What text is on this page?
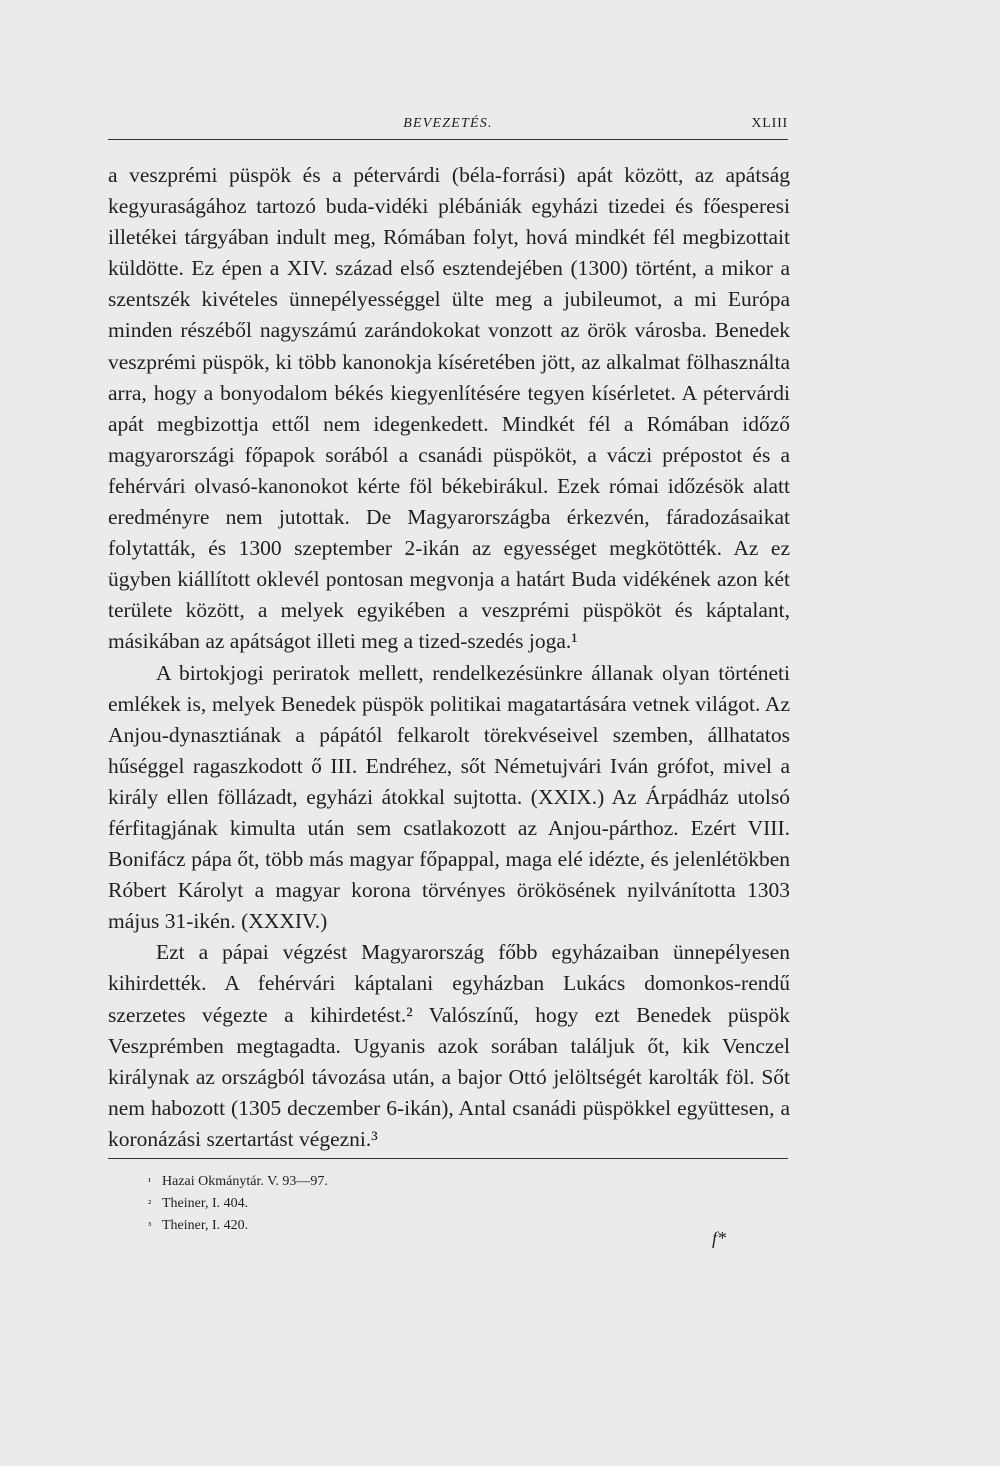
BEVEZETÉS.	XLIII

a veszprémi püspök és a pétervárdi (béla-forrási) apát között, az apátság kegyuraságához tartozó buda-vidéki plébániák egyházi tizedei és főesperesi illetékei tárgyában indult meg, Rómában folyt, hová mindkét fél megbizottait küldötte. Ez épen a XIV. század első esztendejében (1300) történt, a mikor a szentszék kivételes ünnepélyességgel ülte meg a jubileumot, a mi Európa minden részéből nagyszámú zarándokokat vonzott az örök városba. Benedek veszprémi püspök, ki több kanonokja kíséretében jött, az alkalmat fölhasználta arra, hogy a bonyodalom békés kiegyenlítésére tegyen kísérletet. A pétervárdi apát megbizottja ettől nem idegenkedett. Mindkét fél a Rómában időző magyarországi főpapok sorából a csanádi püspököt, a váczi prépostot és a fehérvári olvasó-kanonokot kérte föl békebirákul. Ezek római időzésök alatt eredményre nem jutottak. De Magyarországba érkezvén, fáradozásaikat folytatták, és 1300 szeptember 2-ikán az egyességet megkötötték. Az ez ügyben kiállított oklevél pontosan megvonja a határt Buda vidékének azon két területe között, a melyek egyikében a veszprémi püspököt és káptalant, másikában az apátságot illeti meg a tized-szedés joga.¹

A birtokjogi periratok mellett, rendelkezésünkre állanak olyan történeti emlékek is, melyek Benedek püspök politikai magatartására vetnek világot. Az Anjou-dynasztiának a pápától felkarolt törekvéseivel szemben, állhatatos hűséggel ragaszkodott ő III. Endréhez, sőt Németujvári Iván grófot, mivel a király ellen föllázadt, egyházi átokkal sujtotta. (XXIX.) Az Árpádház utolsó férfitagjának kimulta után sem csatlakozott az Anjou-párthoz. Ezért VIII. Bonifácz pápa őt, több más magyar főpappal, maga elé idézte, és jelenlétökben Róbert Károlyt a magyar korona törvényes örökösének nyilvánította 1303 május 31-ikén. (XXXIV.)

Ezt a pápai végzést Magyarország főbb egyházaiban ünnepélyesen kihirdették. A fehérvári káptalani egyházban Lukács domonkos-rendű szerzetes végezte a kihirdetést.² Valószínű, hogy ezt Benedek püspök Veszprémben megtagadta. Ugyanis azok sorában találjuk őt, kik Venczel királynak az országból távozása után, a bajor Ottó jelöltségét karolták föl. Sőt nem habozott (1305 deczember 6-ikán), Antal csanádi püspökkel együttesen, a koronázási szertartást végezni.³

¹ Hazai Okmánytár. V. 93—97.

² Theiner, I. 404.

³ Theiner, I. 420.

f*
